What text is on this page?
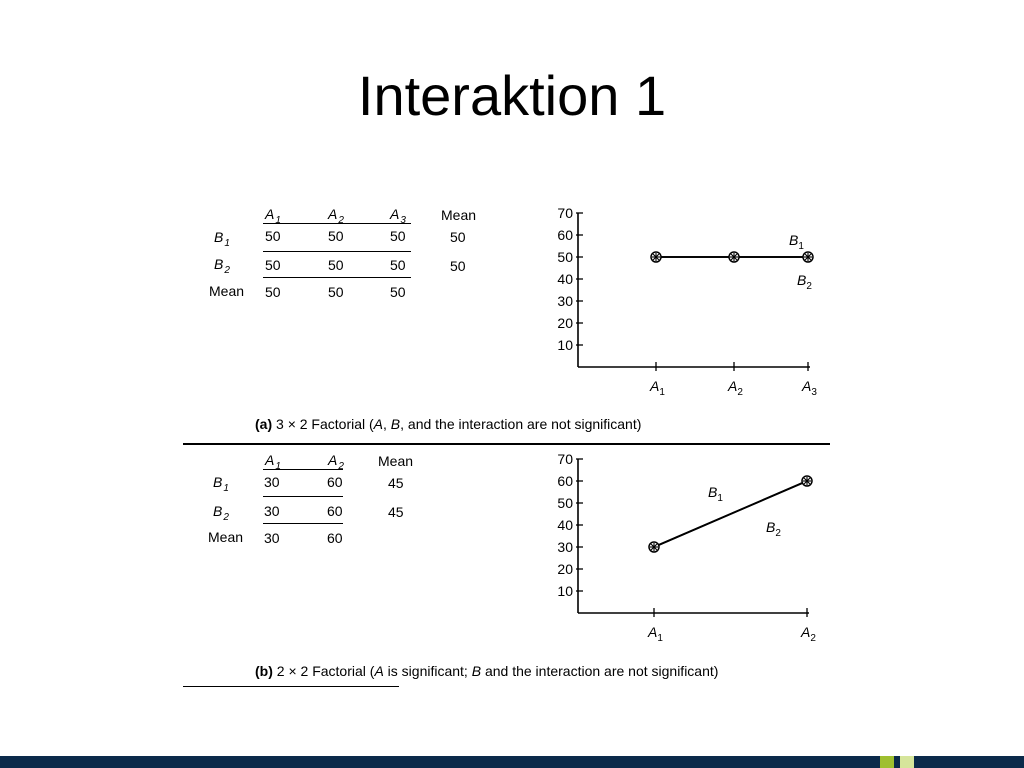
Interaktion 1
$A_1$	$A_2$	$A_3$	Mean
$B_1$	50	50	50	50
$B_2$	50	50	50	50
Mean 50	50	50
10
20
30
40
50
60
70
$A_1$	$A_2$	$A_3$
$B_1$
$B_2$
(a) 3 × 2 Factorial (A, B, and the interaction are not significant)
$A_1$	$A_2$ Mean
$B_1$	30	60	45
$B_2$	30	60	45
Mean 30	60
10
20
30
40
50
60
70
$A_1$	$A_2$
$B_1$
$B_2$
(b) 2 × 2 Factorial (A is significant; B and the interaction are not significant)
